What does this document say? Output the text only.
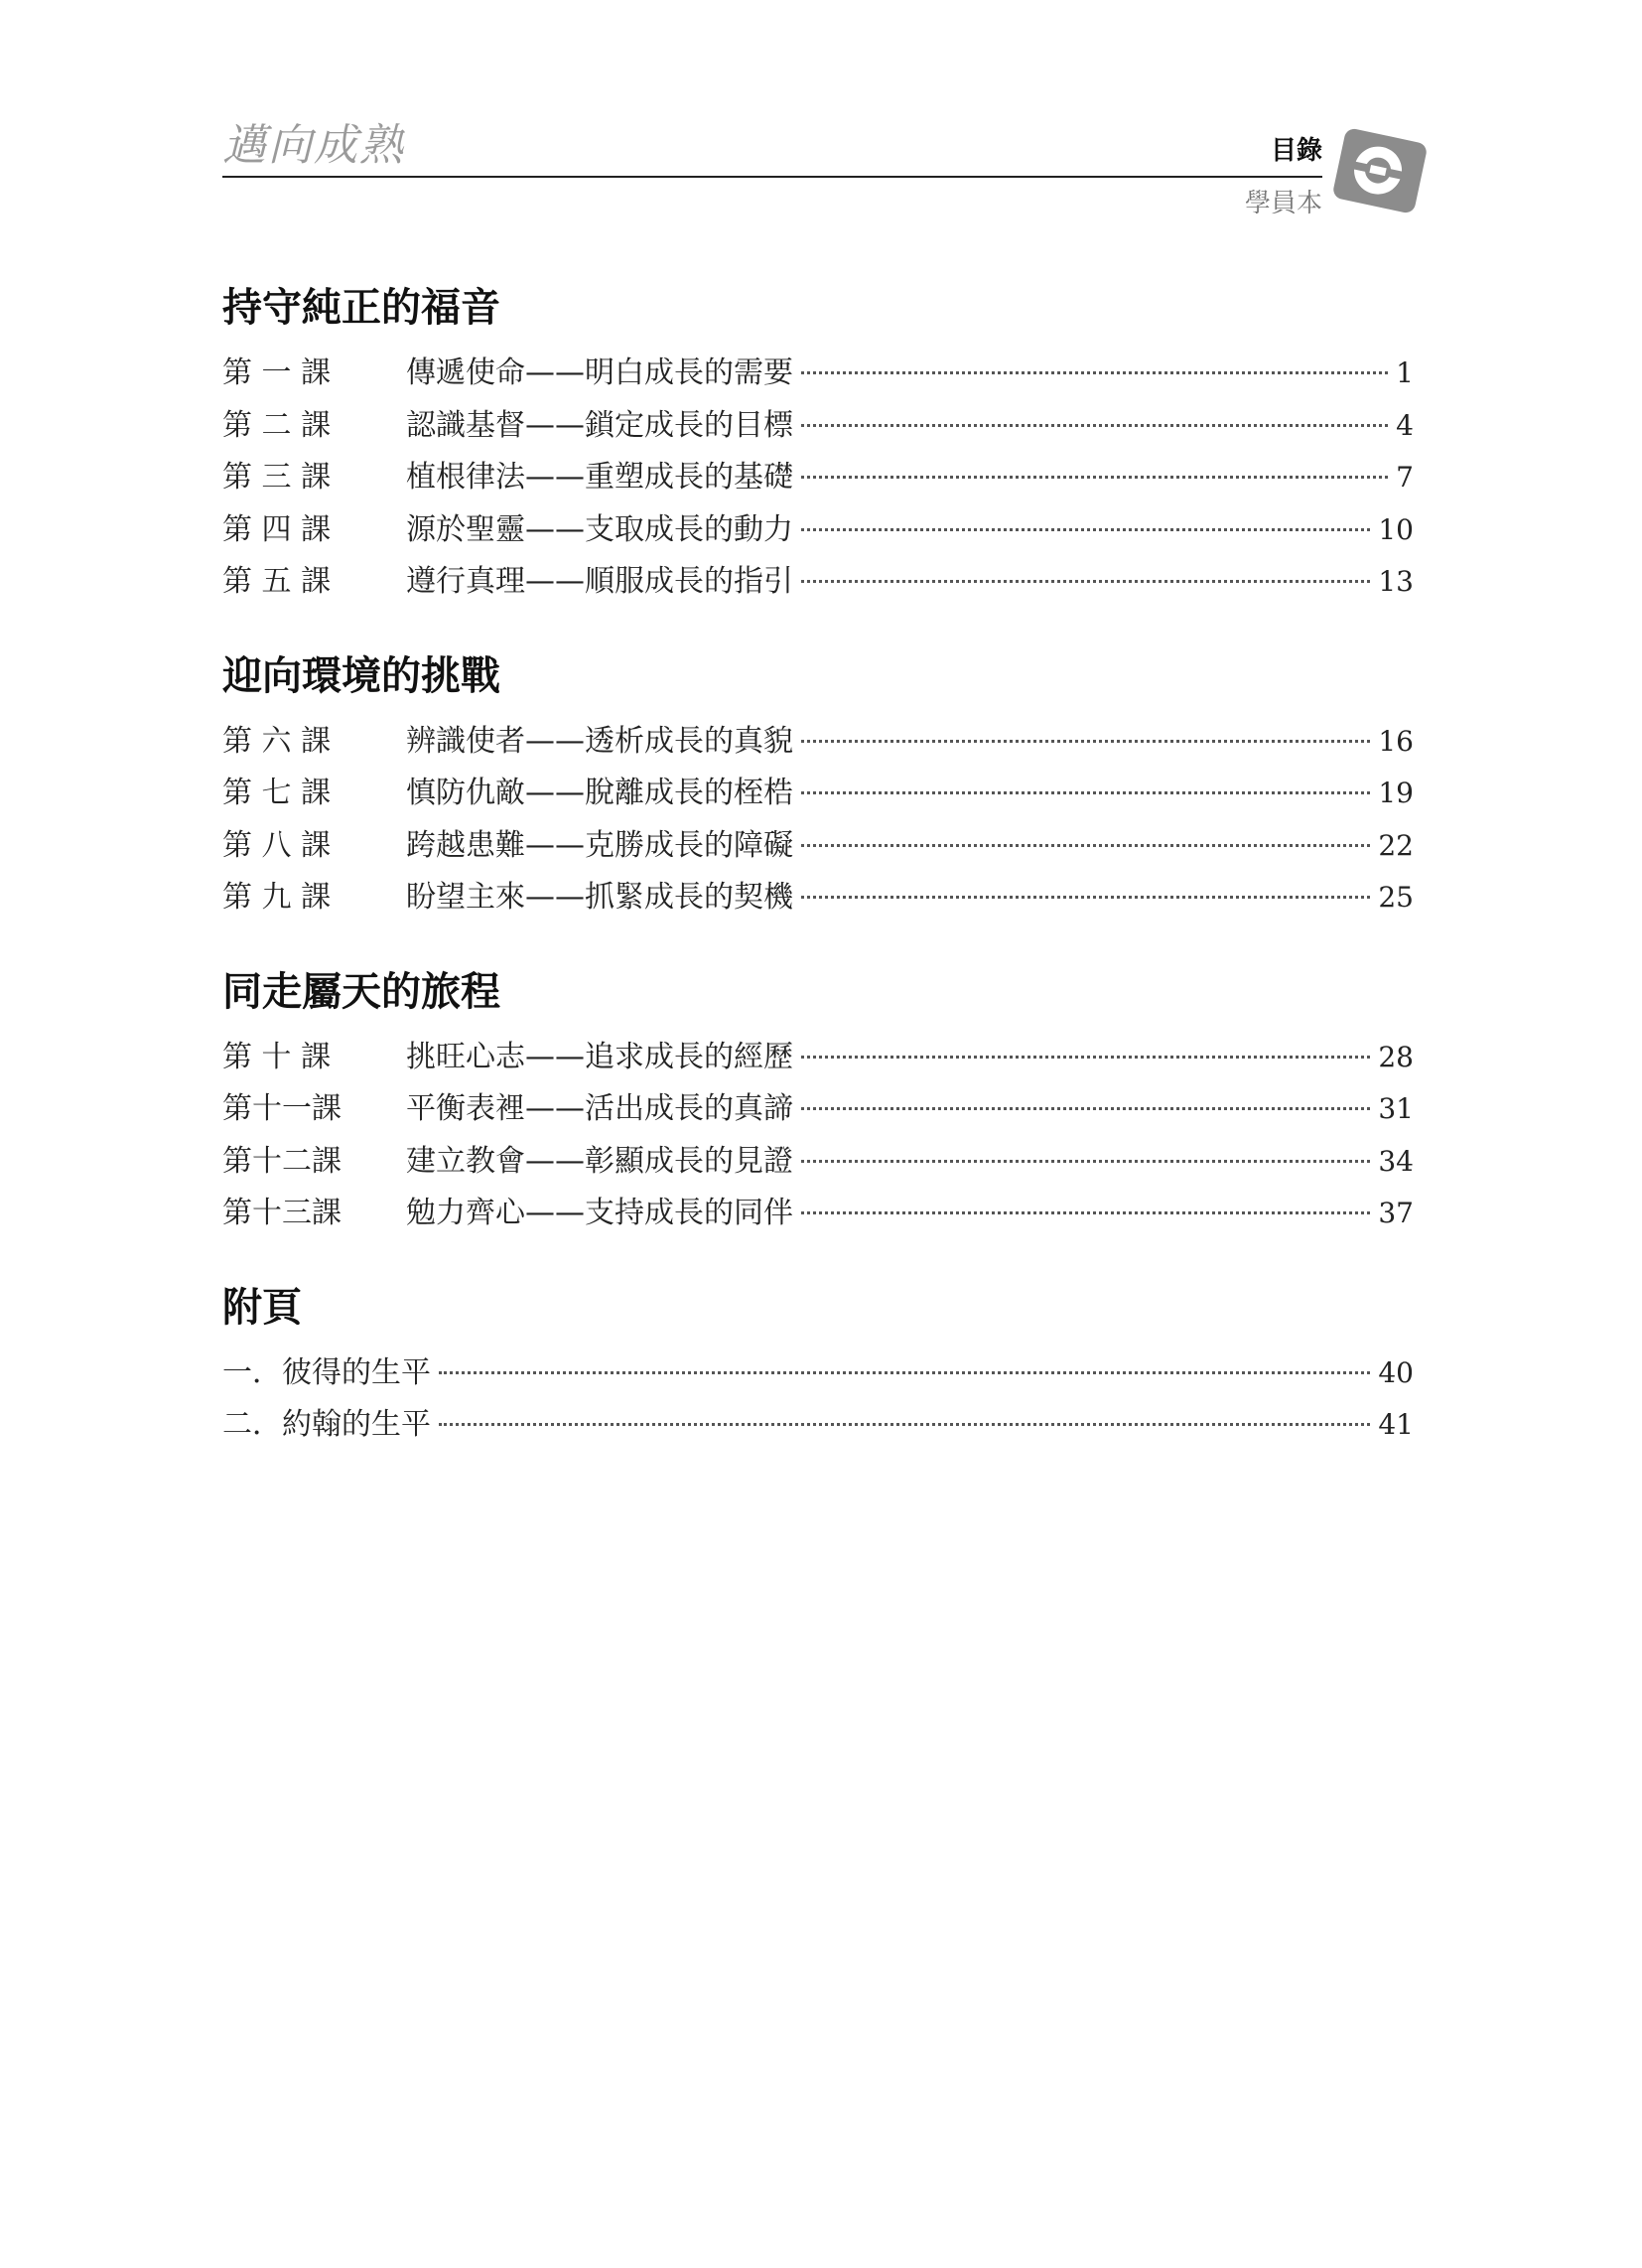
邁向成熟	目錄
學員本
持守純正的福音
第 一 課	傳遞使命——明白成長的需要	1
第 二 課	認識基督——鎖定成長的目標	4
第 三 課	植根律法——重塑成長的基礎	7
第 四 課	源於聖靈——支取成長的動力	10
第 五 課	遵行真理——順服成長的指引	13
迎向環境的挑戰
第 六 課	辨識使者——透析成長的真貌	16
第 七 課	慎防仇敵——脫離成長的桎梏	19
第 八 課	跨越患難——克勝成長的障礙	22
第 九 課	盼望主來——抓緊成長的契機	25
同走屬天的旅程
第 十 課	挑旺心志——追求成長的經歷	28
第十一課	平衡表裡——活出成長的真諦	31
第十二課	建立教會——彰顯成長的見證	34
第十三課	勉力齊心——支持成長的同伴	37
附頁
一．彼得的生平	40
二．約翰的生平	41
